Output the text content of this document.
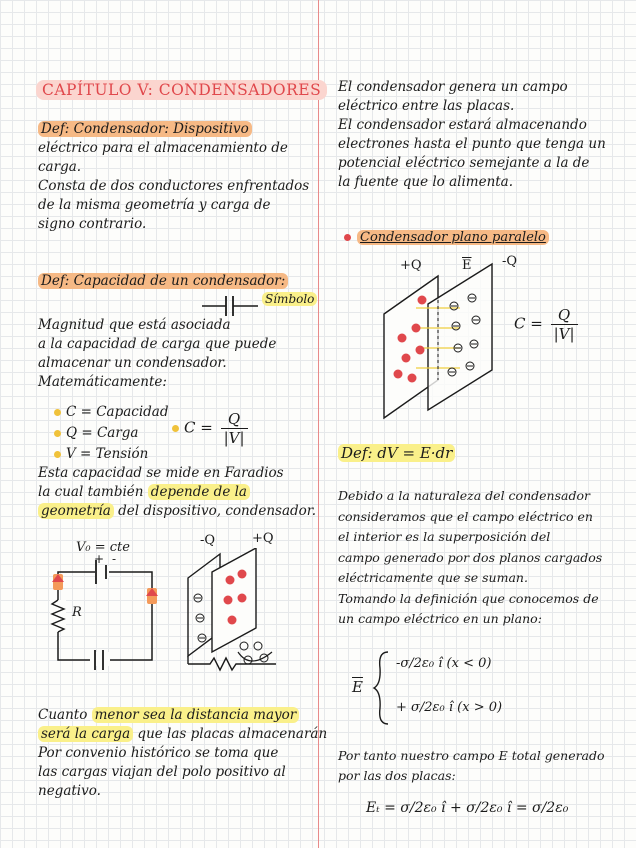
CAPÍTULO V: CONDENSADORES
Def: Condensador: Dispositivo
eléctrico para el almacenamiento de
carga.
Consta de dos conductores enfrentados
de la misma geometría y carga de
signo contrario.
Def: Capacidad de un condensador:
Símbolo
Magnitud que está asociada
a la capacidad de carga que puede
almacenar un condensador.
Matemáticamente:
C = Capacidad
Q = Carga
V = Tensión
$C = \frac{Q}{|V|}$
Esta capacidad se mide en Faradios
la cual también depende de la
geometría del dispositivo, condensador.
V₀ = cte
+ -
R
-Q	+Q
Cuanto menor sea la distancia mayor
será la carga que las placas almacenarán
Por convenio histórico se toma que
las cargas viajan del polo positivo al
negativo.
El condensador genera un campo
eléctrico entre las placas.
El condensador estará almacenando
electrones hasta el punto que tenga un
potencial eléctrico semejante a la de
la fuente que lo alimenta.
Condensador plano paralelo
+Q	$\overline{E}$ -Q
$C = \frac{Q}{|V|}$
Def: dV = E·dr
Debido a la naturaleza del condensador
consideramos que el campo eléctrico en
el interior es la superposición del
campo generado por dos planos cargados
eléctricamente que se suman.
Tomando la definición que conocemos de
un campo eléctrico en un plano:
$\overline{E}$
-σ/2ε₀ î (x < 0)
+ σ/2ε₀ î (x > 0)
Por tanto nuestro campo E total generado
por las dos placas:
Eₜ = σ/2ε₀ î + σ/2ε₀ î = σ/2ε₀
